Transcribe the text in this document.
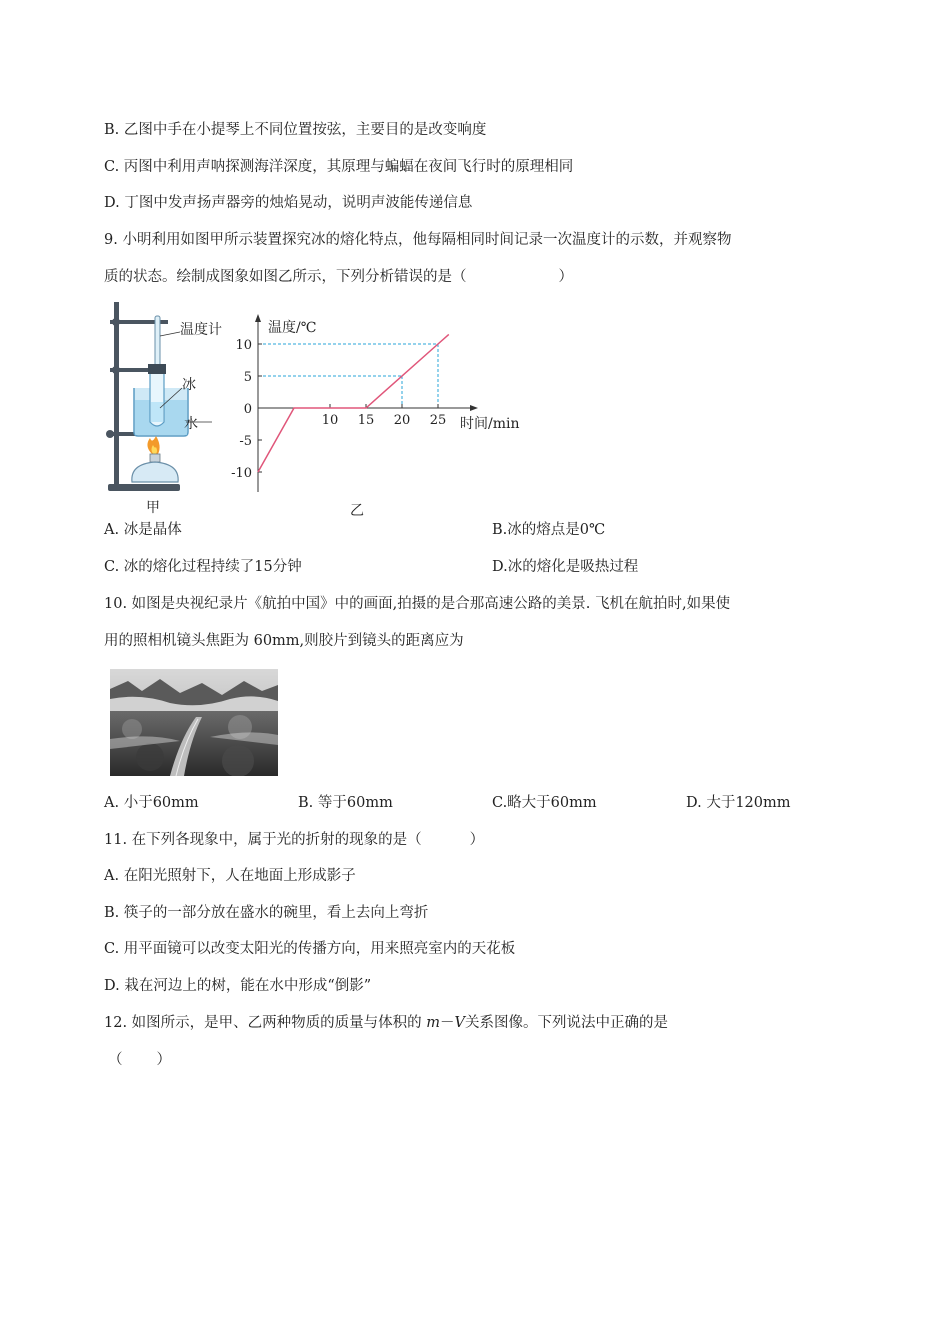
B. 乙图中手在小提琴上不同位置按弦，主要目的是改变响度
C. 丙图中利用声呐探测海洋深度，其原理与蝙蝠在夜间飞行时的原理相同
D. 丁图中发声扬声器旁的烛焰晃动，说明声波能传递信息
9. 小明利用如图甲所示装置探究冰的熔化特点，他每隔相同时间记录一次温度计的示数，并观察物
质的状态。绘制成图象如图乙所示，下列分析错误的是（	）
温度计
冰
水
甲
10 15 20 25
10
5
0
-5
-10
温度/℃
时间/min
乙
A. 冰是晶体	B.冰的熔点是0℃
C. 冰的熔化过程持续了15分钟	D.冰的熔化是吸热过程
10. 如图是央视纪录片《航拍中国》中的画面,拍摄的是合那高速公路的美景. 飞机在航拍时,如果使
用的照相机镜头焦距为 60mm,则胶片到镜头的距离应为
A. 小于60mm	B. 等于60mm	C.略大于60mm	D. 大于120mm
11. 在下列各现象中，属于光的折射的现象的是（	）
A. 在阳光照射下，人在地面上形成影子
B. 筷子的一部分放在盛水的碗里，看上去向上弯折
C. 用平面镜可以改变太阳光的传播方向，用来照亮室内的天花板
D. 栽在河边上的树，能在水中形成“倒影”
12. 如图所示，是甲、乙两种物质的质量与体积的 m－V关系图像。下列说法中正确的是
（ ）
